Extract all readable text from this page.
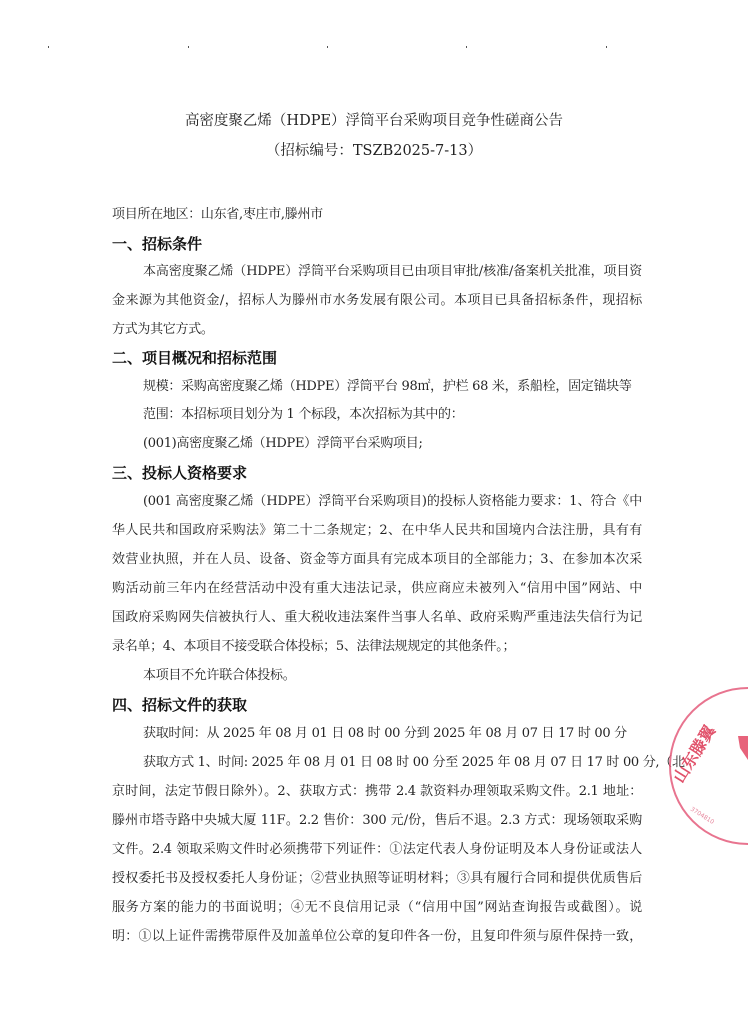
高密度聚乙烯（HDPE）浮筒平台采购项目竞争性磋商公告
（招标编号：TSZB2025-7-13）
项目所在地区：山东省,枣庄市,滕州市
一、招标条件
本高密度聚乙烯（HDPE）浮筒平台采购项目已由项目审批/核准/备案机关批准，项目资
金来源为其他资金/，招标人为滕州市水务发展有限公司。本项目已具备招标条件，现招标
方式为其它方式。
二、项目概况和招标范围
规模：采购高密度聚乙烯（HDPE）浮筒平台 98㎡，护栏 68 米，系船栓，固定锚块等
范围：本招标项目划分为 1 个标段，本次招标为其中的：
(001)高密度聚乙烯（HDPE）浮筒平台采购项目;
三、投标人资格要求
(001 高密度聚乙烯（HDPE）浮筒平台采购项目)的投标人资格能力要求：1、符合《中
华人民共和国政府采购法》第二十二条规定；2、在中华人民共和国境内合法注册，具有有
效营业执照，并在人员、设备、资金等方面具有完成本项目的全部能力；3、在参加本次采
购活动前三年内在经营活动中没有重大违法记录，供应商应未被列入“信用中国”网站、中
国政府采购网失信被执行人、重大税收违法案件当事人名单、政府采购严重违法失信行为记
录名单；4、本项目不接受联合体投标；5、法律法规规定的其他条件。；
本项目不允许联合体投标。
四、招标文件的获取
获取时间：从 2025 年 08 月 01 日 08 时 00 分到 2025 年 08 月 07 日 17 时 00 分
获取方式 1、时间: 2025 年 08 月 01 日 08 时 00 分至 2025 年 08 月 07 日 17 时 00 分,（北
京时间，法定节假日除外）。2、获取方式：携带 2.4 款资料办理领取采购文件。2.1 地址：
滕州市塔寺路中央城大厦 11F。2.2 售价：300 元/份，售后不退。2.3 方式：现场领取采购
文件。2.4 领取采购文件时必须携带下列证件：①法定代表人身份证明及本人身份证或法人
授权委托书及授权委托人身份证；②营业执照等证明材料；③具有履行合同和提供优质售后
服务方案的能力的书面说明；④无不良信用记录（“信用中国”网站查询报告或截图）。说
明：①以上证件需携带原件及加盖单位公章的复印件各一份，且复印件须与原件保持一致，
山东滕翼
3704810
